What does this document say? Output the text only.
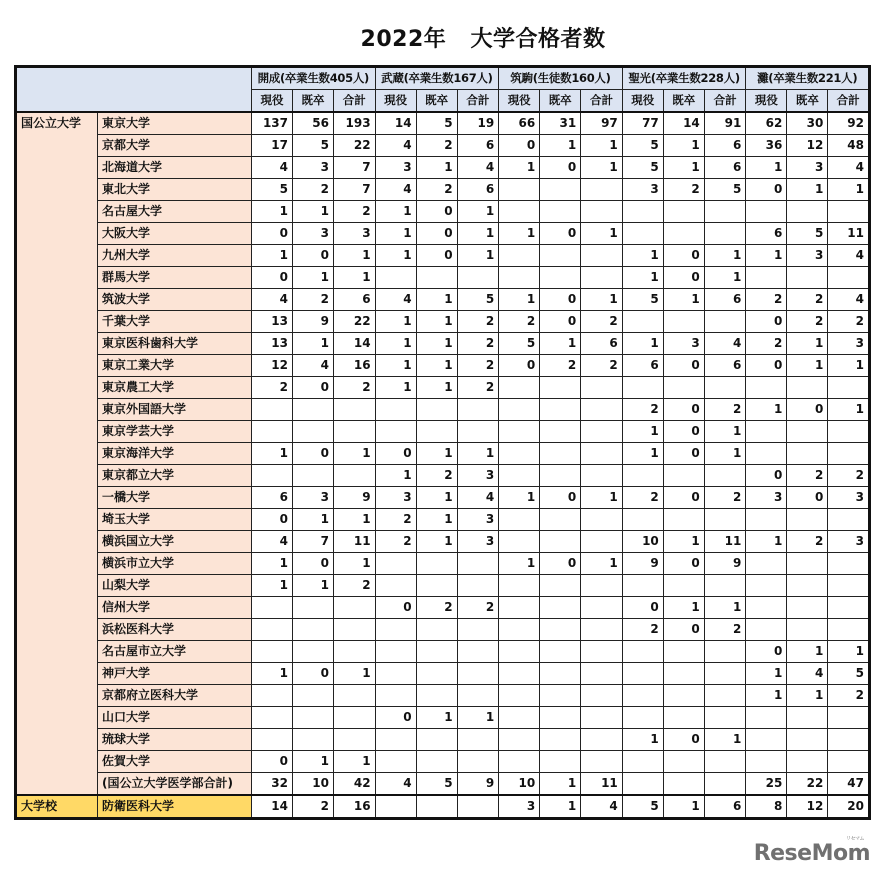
2022年 大学合格者数
		開成(卒業生数405人)			武蔵(卒業生数167人)			筑駒(生徒数160人)			聖光(卒業生数228人)			灘(卒業生数221人)		
		現役	既卒	合計	現役	既卒	合計	現役	既卒	合計	現役	既卒	合計	現役	既卒	合計
国公立大学	東京大学	137	56	193	14	5	19	66	31	97	77	14	91	62	30	92
	京都大学	17	5	22	4	2	6	0	1	1	5	1	6	36	12	48
	北海道大学	4	3	7	3	1	4	1	0	1	5	1	6	1	3	4
	東北大学	5	2	7	4	2	6				3	2	5	0	1	1
	名古屋大学	1	1	2	1	0	1									
	大阪大学	0	3	3	1	0	1	1	0	1				6	5	11
	九州大学	1	0	1	1	0	1				1	0	1	1	3	4
	群馬大学	0	1	1							1	0	1			
	筑波大学	4	2	6	4	1	5	1	0	1	5	1	6	2	2	4
	千葉大学	13	9	22	1	1	2	2	0	2				0	2	2
	東京医科歯科大学	13	1	14	1	1	2	5	1	6	1	3	4	2	1	3
	東京工業大学	12	4	16	1	1	2	0	2	2	6	0	6	0	1	1
	東京農工大学	2	0	2	1	1	2									
	東京外国語大学										2	0	2	1	0	1
	東京学芸大学										1	0	1			
	東京海洋大学	1	0	1	0	1	1				1	0	1			
	東京都立大学				1	2	3							0	2	2
	一橋大学	6	3	9	3	1	4	1	0	1	2	0	2	3	0	3
	埼玉大学	0	1	1	2	1	3									
	横浜国立大学	4	7	11	2	1	3				10	1	11	1	2	3
	横浜市立大学	1	0	1				1	0	1	9	0	9			
	山梨大学	1	1	2												
	信州大学				0	2	2				0	1	1			
	浜松医科大学										2	0	2			
	名古屋市立大学													0	1	1
	神戸大学	1	0	1										1	4	5
	京都府立医科大学													1	1	2
	山口大学				0	1	1									
	琉球大学										1	0	1			
	佐賀大学	0	1	1												
	(国公立大学医学部合計)	32	10	42	4	5	9	10	1	11				25	22	47
大学校	防衛医科大学	14	2	16				3	1	4	5	1	6	8	12	20
リセマム
ReseMom
